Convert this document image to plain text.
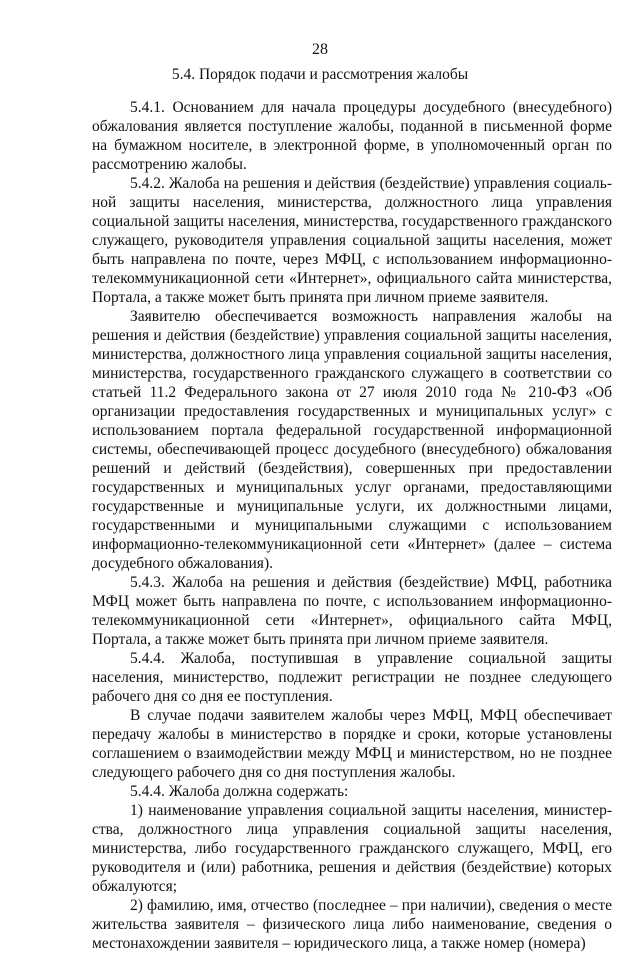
28
5.4. Порядок подачи и рассмотрения жалобы

5.4.1. Основанием для начала процедуры досудебного (внесудебного) обжалования является поступление жалобы, поданной в письменной форме на бумажном носителе, в электронной форме, в уполномоченный орган по рассмотрению жалобы.

5.4.2. Жалоба на решения и действия (бездействие) управления социальной защиты населения, министерства, должностного лица управления социальной защиты населения, министерства, государственного гражданского служащего, руководителя управления социальной защиты населения, может быть направлена по почте, через МФЦ, с использованием информационно-телекоммуникационной сети «Интернет», официального сайта министерства, Портала, а также может быть принята при личном приеме заявителя.

Заявителю обеспечивается возможность направления жалобы на решения и действия (бездействие) управления социальной защиты населения, министерства, должностного лица управления социальной защиты населения, министерства, государственного гражданского служащего в соответствии со статьей 11.2 Федерального закона от 27 июля 2010 года № 210-ФЗ «Об организации предоставления государственных и муниципальных услуг» с использованием портала федеральной государственной информационной системы, обеспечивающей процесс досудебного (внесудебного) обжалования решений и действий (бездействия), совершенных при предоставлении государственных и муниципальных услуг органами, предоставляющими государственные и муниципальные услуги, их должностными лицами, государственными и муниципальными служащими с использованием информационно-телекоммуникационной сети «Интернет» (далее – система досудебного обжалования).

5.4.3. Жалоба на решения и действия (бездействие) МФЦ, работника МФЦ может быть направлена по почте, с использованием информационно-телекоммуникационной сети «Интернет», официального сайта МФЦ, Портала, а также может быть принята при личном приеме заявителя.

5.4.4. Жалоба, поступившая в управление социальной защиты населения, министерство, подлежит регистрации не позднее следующего рабочего дня со дня ее поступления.

В случае подачи заявителем жалобы через МФЦ, МФЦ обеспечивает передачу жалобы в министерство в порядке и сроки, которые установлены соглашением о взаимодействии между МФЦ и министерством, но не позднее следующего рабочего дня со дня поступления жалобы.

5.4.4. Жалоба должна содержать:

1) наименование управления социальной защиты населения, министерства, должностного лица управления социальной защиты населения, министерства, либо государственного гражданского служащего, МФЦ, его руководителя и (или) работника, решения и действия (бездействие) которых обжалуются;

2) фамилию, имя, отчество (последнее – при наличии), сведения о месте жительства заявителя – физического лица либо наименование, сведения о местонахождении заявителя – юридического лица, а также номер (номера)
